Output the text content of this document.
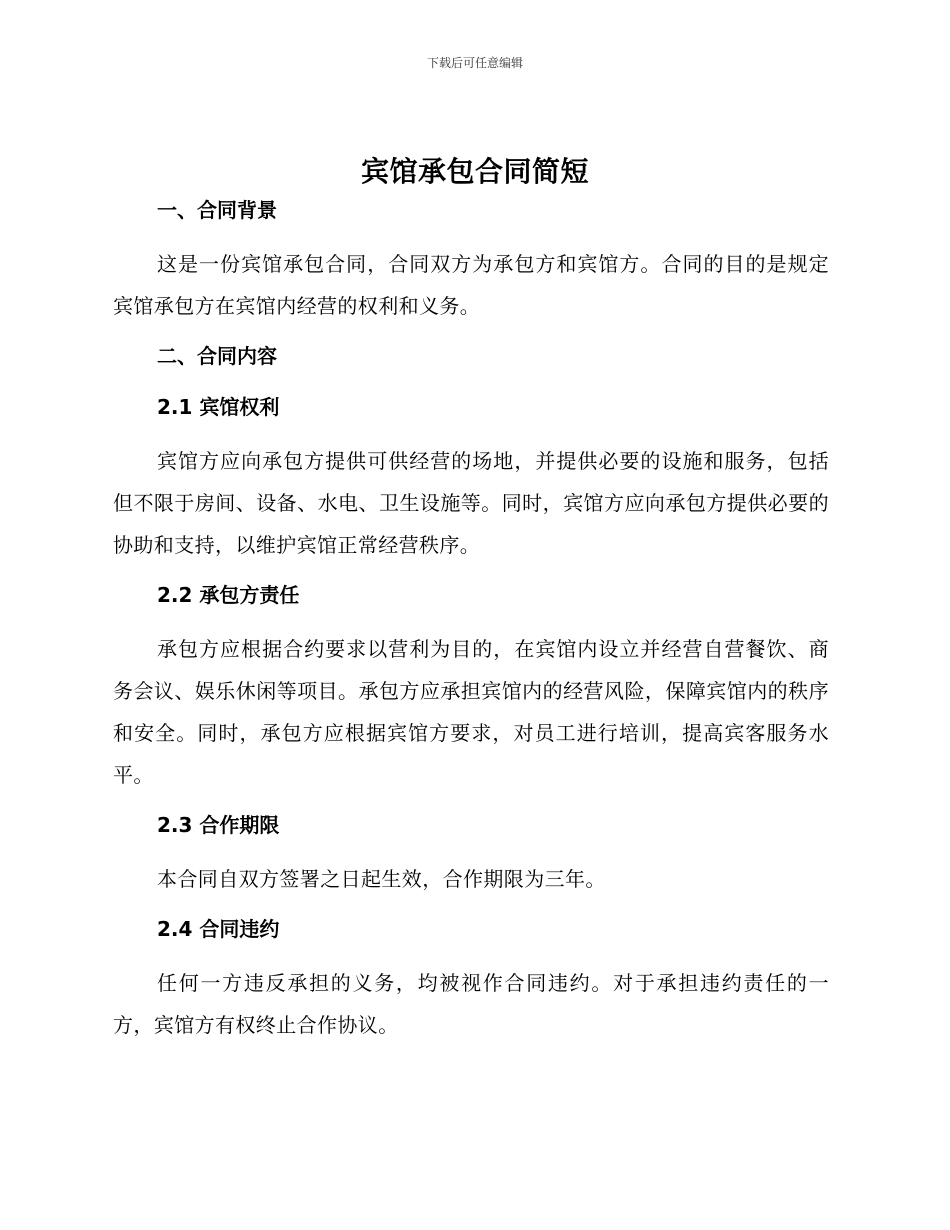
下载后可任意编辑
宾馆承包合同简短
一、合同背景

这是一份宾馆承包合同，合同双方为承包方和宾馆方。合同的目的是规定宾馆承包方在宾馆内经营的权利和义务。

二、合同内容
2.1 宾馆权利

宾馆方应向承包方提供可供经营的场地，并提供必要的设施和服务，包括但不限于房间、设备、水电、卫生设施等。同时，宾馆方应向承包方提供必要的协助和支持，以维护宾馆正常经营秩序。

2.2 承包方责任

承包方应根据合约要求以营利为目的，在宾馆内设立并经营自营餐饮、商务会议、娱乐休闲等项目。承包方应承担宾馆内的经营风险，保障宾馆内的秩序和安全。同时，承包方应根据宾馆方要求，对员工进行培训，提高宾客服务水平。

2.3 合作期限

本合同自双方签署之日起生效，合作期限为三年。

2.4 合同违约

任何一方违反承担的义务，均被视作合同违约。对于承担违约责任的一方，宾馆方有权终止合作协议。
